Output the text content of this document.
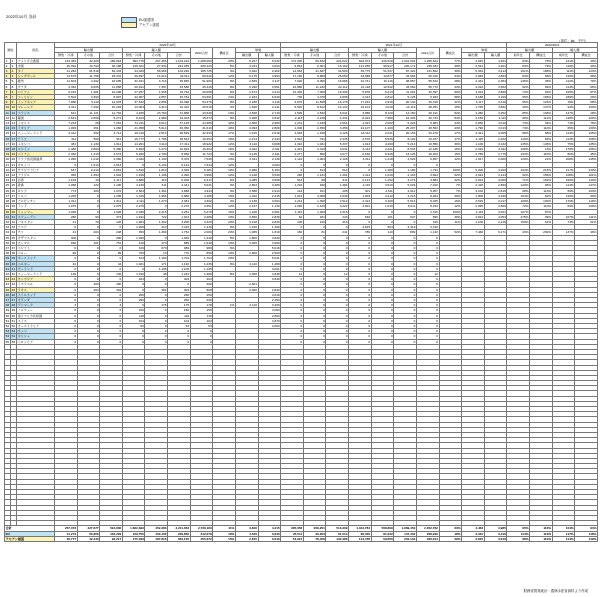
2022年10月 各針
EU加盟国
アセアン諸国
（単位：kg、千円）
順位		国名	2022年10月										2021年10月										2022/2021			
			輸出額			輸入額			2022合計	構成比	単価		輸出額			輸入額			2021合計	構成比	単価		輸出額		輸入額	
			鮮魚・冷凍	その他	合計	鮮魚・冷凍	その他	合計			輸出額	輸入額	鮮魚・冷凍	その他	合計	鮮魚・冷凍	その他	合計			輸出額	輸入額	前年比	構成比	前年比	構成比
1	1	アメリカ合衆国	143,464	42,300	185,818	894,776	207,466	1,102,242	1,288,060	20%	5,227	5,532	172,000	50,632	224,022	604,074	226,528	1,041,602	1,265,624	77%	4,045	4,461	83%	75%	121%	49%
2	2	中国	25,394	10,794	36,188	216,321	27,934	244,255	280,443	5%	3,231	4,024	9,861	6,301	16,162	121,255	98,917	220,172	236,334	48%	2,531	4,461	83%	79%	110%	40%
3	4	タイ	21,282	61,519	82,433	44,326	58,966	103,292	185,725	3%	3,942	2,962	12,663	31,837	44,500	35,775	51,547	87,322	131,822	39%	5,364	3,414	161%	185%	111%	123%
4	3	シンガポール	13,575	11,756	25,331	29,997	14,014	44,011	69,342	12%	5,175	4,963	17,190	8,860	25,050	33,089	10,877	43,966	69,016	34%	2,849	4,863	83%	96%	120%	98%
5	5	豪州	11,603	4,492	16,095	32,151	3,714	35,865	51,960	9%	2,839	3,117	7,620	9,066	16,686	22,741	16,116	38,857	55,543	28%	2,431	2,384	145%	45%	112%	79%
6	8	カナダ	3,452	8,605	11,858	26,191	7,397	33,588	45,446	8%	5,290	3,561	10,880	11,232	22,112	21,118	12,542	33,660	55,772	43%	3,222	3,562	62%	69%	113%	66%
7	6	ベトナム	9,015	1,281	10,296	17,257	1,505	18,762	29,058	6%	1,674	4,213	12,300	7,006	19,306	5,878	5,213	11,091	30,397	60%	4,012	3,865	73%	94%	105%	87%
8	7	フィリピン	5,504	3,393	8,897	42,907	2,857	45,764	54,661	14%	2,184	6,649	730	4,078	4,808	2,313	2,812	5,125	9,933	58%	3,188	3,169	95%	165%	189%	20%
9	9	インドネシア	7,868	5,110	12,978	37,542	2,856	40,398	53,376	8%	3,188	3,116	4,670	11,508	16,178	17,224	2,916	20,140	36,318	41%	3,117	3,316	65%	123%	78%	68%
10	10	マレーシア	2,911	7,292	10,203	13,003	3,313	16,316	26,519	4%	1,628	4,141	5,520	8,612	14,132	10,101	4,018	14,119	28,251	16%	1,765	3,862	30%	137%	94%	150%
11	12	フランス	641	11,121	11,762	4,189	23,760	31,868	43,630	13%	4,528	2,719	1,509	4,532	6,041	3,980	8,120	14,150	20,191	52%	4,250	4,252	85%	136%	147%	18%
12	11	韓国	2,621	2,650	5,271	8,423	1,980	10,403	15,674	8%	3,968	3,542	2,113	2,218	4,331	8,423	7,980	16,403	20,734	84%	2,150	3,111	68%	112%	118%	100%
13	13	イギリス	7,233	28	7,261	31,211	9,014	37,125	44,386	32%	2,666	2,680	1,231	1,430	2,661	4,321	2,002	6,323	8,984	44%	2,656	3,010	73%	34%	71%	76%
14	15	イタリア	1,009	251	1,260	21,058	5,614	30,350	31,610	49%	3,093	2,809	1,006	2,350	3,356	24,107	1,100	25,207	28,563	43%	1,790	3,013	74%	110%	65%	130%
15	14	ニュージーランド	3,412	302	3,714	26,116	2,513	28,629	32,343	17%	1,415	2,618	2,018	1,108	3,126	18,112	2,041	20,153	23,279	17%	3,421	3,005	88%	68%	113%	105%
16	17	ドイツ	411	500	911	16,777	1,766	18,543	19,454	16%	2,414	2,443	1,544	791	2,335	2,576	5,526	8,102	10,437	17%	2,115	2,402	110%	83%	113%	108%
17	16	メキシコ	481	1,130	1,611	14,201	3,110	17,311	18,922	12%	3,110	3,008	4,316	1,021	5,337	1,013	4,200	5,213	10,550	30%	1,100	3,132	135%	145%	75%	135%
18	18	スペイン	2,486	2,894	5,380	6,653	4,270	10,923	16,303	16%	4,042	2,311	1,321	2,310	3,631	6,113	2,421	8,534	12,165	16%	2,010	3,011	108%	13%	178%	156%
19	19	ベトナム	2,360	1,313	3,673	5,260	2,790	8,050	11,723	3%	3,145	2,611	2,277	800	3,077	6,180	6,946	13,126	16,203	15%	2,786	2,779	103%	110%	80%	45%
20	20	アラブ首長国連邦	1,050	1,010	2,060	4,340	1,130	5,470	7,530	13%	2,011	2,130	1,124	1,004	2,128	3,311	1,218	4,529	6,657	12%	1,917	2,006	129%	21%	208%	145%
21	21	モロッコ	0	1,513	1,513	0	6,131	6,131	7,644	12%		4,064	0	0	0	0	0	0	0							
22	22	サウジアラビア	647	2,214	2,861	1,510	1,810	3,320	6,181	10%	3,988	5,164	0	614	614	0	1,180	1,180	1,794	100%	5,200	3,200	164%	215%	217%	230%
23	23	ブラジル	350	1,254	1,604	1,196	1,196	2,392	3,996	12%	4,128	3,540	260	1,131	1,391	1,414	1,019	2,433	3,824	52%	3,024	3,144	92%	156%	108%	101%
24	24	台湾	1,104	13	1,117	4,886	310	5,200	6,317	6%	4,085	3,508	513	98	611	2,121	1,152	3,273	3,884	22%	2,812	3,000	71%	162%	220%	140%
25	25	香港	1,068	122	1,190	4,130	311	4,441	5,631	3%	2,803	3,280	1,204	180	1,384	2,116	3,510	5,626	7,010	7%	2,418	2,890	120%	96%	113%	147%
26	26	ロシア	773	303	1,076	2,504	1,364	3,868	4,944	3%	3,588	2,913	144	151	295	401	4,511	4,912	5,207	7%	3,102	2,816	68%	113%	69%	103%
27	27	トルコ	1,205	0	1,205	1,316	1,664	2,980	4,185	15%	1,022	2,315	1,041	3,008	4,049	1,003	3,212	4,215	8,264	29%	1,800	3,190	104%	82%	120%	99%
28	28	アルゼンチン	1,011	0	1,011	2,111	1,270	3,381	4,392	4%	4,138	3,004	1,212	1,300	2,512	2,413	3,100	5,513	8,025	16%	2,515	2,017	109%	130%	170%	119%
29	29	インド	1,075	0	1,075	2,276	0	2,276	3,351	12%	2,127	1,130	1,096	2,126	3,222	4,001	1,010	5,011	8,233	12%	2,095	3,600	72%	110%	69%	100%
30	30	ミャンマー	1,028	0	1,028	2,036	2,215	4,251	5,279	16%	1,228	2,601	1,115	1,200	2,315	0	0	0	2,315	100%	2,115	3,021	107%	87%		
31	31	スウェーデン	280	93	373	1,191	722	1,913	2,286	10%	3,650	2,830	62	181	243	546	101	647	890	39%	4,812	4,054	475%	39%	107%	111%
32	32	パキスタン	41	79	120	1,904	1,302	3,206	3,326	20%	3,218	2,840	106	210	316	0	0	0	316	11%	1,100	2,216	159%	61%	73%	61%
33	33	ケニア	0	0	0	1,206	210	1,416	1,416	9%	1,240	1,460	0	0	0	2,815	504	3,319	3,319							
34	34	チリ	44	204	248	353	1,399	1,752	2,000	20%	1,065	1,810	160	81	241	789	110	899	1,140	52%	7,460	6,171	43%	282%	137%	46%
35	35	カザフスタン	300	0	300	1,040	0	1,040	1,340	5%	1,800	4,840	0	0	0	0	0	0	0							
36	36	モンゴル	650	101	751	419	470	889	1,640	10%	3,006	3,660	0	0	0	0	0	0	0							
37	37	エジプト	0	0	0	319	670	989	989	6%		5,016	0	0	0	0	0	0	0							
38	38	ペルー	89	0	89	760	10	770	859	10%	2,800	2,500	0	0	0	0	0	0	0							
39	39	オーストリア	0	0	0	514	1,190	1,704	1,704	20%		5,041	0	0	0	0	0	0	0							
40	40	ベルギー	44	0	44	1,021	171	1,192	1,236	9%	3,410	1,460	0	0	0	0	0	0	0							
41	41	ポーランド	0	0	0	0	1,105	1,105	1,105			3,021	0	0	0	0	0	0	0							
42	42	ニュージーランド	136	0	136	1,196	48	1,244	1,380	8%	4,008	4,638	12	0	12	0	0	0	12							
43	43	カンボジア	0	0	0	404	0	404	404			3,840	0	0	0	0	0	0	0							
44	44	イスラエル	0	400	400	0	0	0	400		2,601		0	0	0	0	0	0	0							
45	45	ラオス	0	404	404	0	404	404	808		3,000	2,840	0	0	0	0	0	0	0							
46	46	アイルランド	0	0	0	250	0	250	250			4,016	0	0	0	0	0	0	0							
47	47	オランダ	0	0	0	250	0	250	250			2,450	0	0	0	0	0	0	0							
48	48	デンマーク	3	0	3	0	175	175	178	1%	2,110	3,200	0	0	0	0	0	0	0							
49	49	ノルウェー	0	0	0	150	0	150	150			4,060	0	0	0	0	0	0	0							
50	50	南アフリカ共和国	0	0	0	118	0	118	118			2,800	0	0	0	0	0	0	0							
51	51	スイス	0	0	0	104	0	104	104			4,870	0	0	0	0	0	0	0							
52	52	オーストラリア	0	0	0	53	0	53	53			4,000	0	0	0	0	0	0	0							
53	53	チェコ	0	0	0	0	0	0	0				0	0	0	0	0	0	0							
54	54	ギリシャ	0	0	0	0	0	0	0				0	0	0	0	0	0	0							
55	55	コロンビア	0	0	0	0	0	0	0				0	0	0	0	0	0	0							

合計			257,373	227,677	524,830	1,602,393	452,283	2,211,353	2,736,183	11%	3,846	4,215	305,058	208,251	513,309	1,344,784	568,869	1,839,453	2,352,762	63%	4,463	3,985	95%	116%	104%	94%
EU			41,273	60,956	102,229	109,750	100,100	209,850	312,079	16%	4,526	3,640	25,511	36,003	61,514	66,400	81,032	147,432	208,946	18%	3,310	3,416	114%	113%	117%	118%
アセアン諸国			49,777	42,440	92,217	175,339	187,816	363,155	455,372	15%	2,815	3,016	54,021	78,459	132,480	144,478	59,656	204,134	336,614	29%	2,815	3,016	98%	110%	114%	119%
財務省貿易統計・農林水産省資料より作成
